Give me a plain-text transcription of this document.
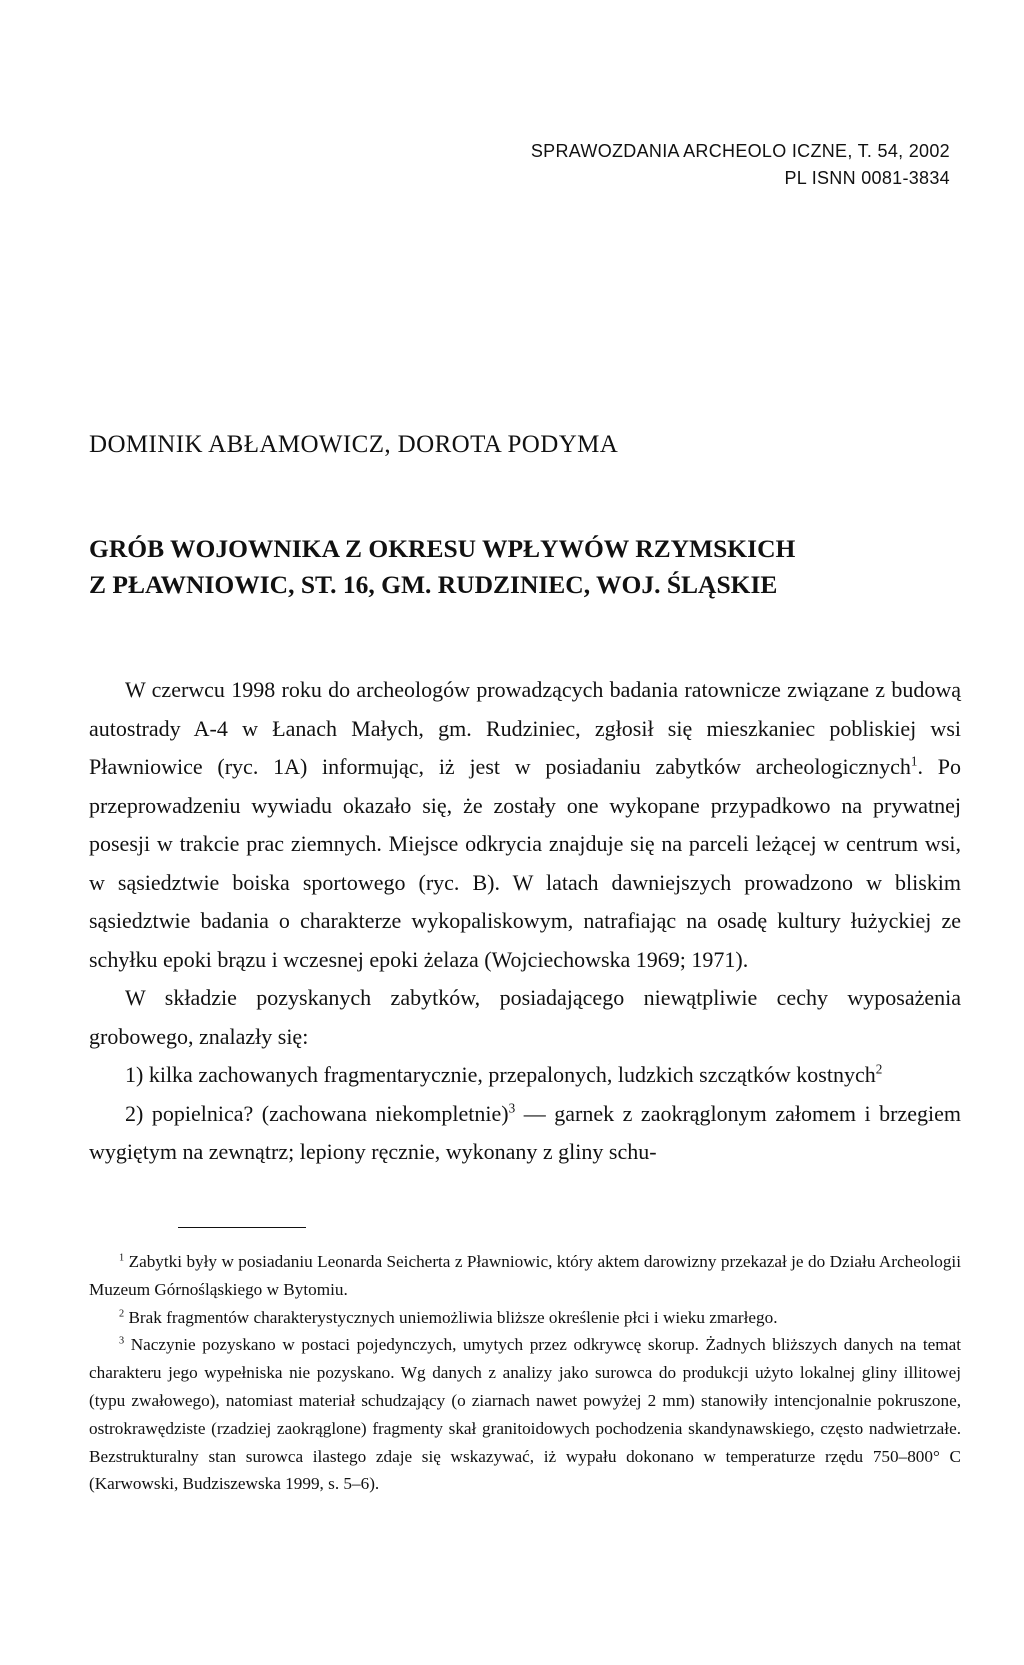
SPRAWOZDANIA ARCHEOLO ICZNE, T. 54, 2002
PL ISNN 0081-3834
DOMINIK ABŁAMOWICZ, DOROTA PODYMA
GRÓB WOJOWNIKA Z OKRESU WPŁYWÓW RZYMSKICH
Z PŁAWNIOWIC, ST. 16, GM. RUDZINIEC, WOJ. ŚLĄSKIE

W czerwcu 1998 roku do archeologów prowadzących badania ratownicze związane z budową autostrady A-4 w Łanach Małych, gm. Rudziniec, zgłosił się mieszkaniec pobliskiej wsi Pławniowice (ryc. 1A) informując, iż jest w posiadaniu zabytków archeologicznych$^1$. Po przeprowadzeniu wywiadu okazało się, że zostały one wykopane przypadkowo na prywatnej posesji w trakcie prac ziemnych. Miejsce odkrycia znajduje się na parceli leżącej w centrum wsi, w sąsiedztwie boiska sportowego (ryc. B). W latach dawniejszych prowadzono w bliskim sąsiedztwie badania o charakterze wykopaliskowym, natrafiając na osadę kultury łużyckiej ze schyłku epoki brązu i wczesnej epoki żelaza (Wojciechowska 1969; 1971).

W składzie pozyskanych zabytków, posiadającego niewątpliwie cechy wyposażenia grobowego, znalazły się:

1) kilka zachowanych fragmentarycznie, przepalonych, ludzkich szczątków kostnych$^2$

2) popielnica? (zachowana niekompletnie)$^3$ — garnek z zaokrąglonym załomem i brzegiem wygiętym na zewnątrz; lepiony ręcznie, wykonany z gliny schu-

$^1$ Zabytki były w posiadaniu Leonarda Seicherta z Pławniowic, który aktem darowizny przekazał je do Działu Archeologii Muzeum Górnośląskiego w Bytomiu.

$^2$ Brak fragmentów charakterystycznych uniemożliwia bliższe określenie płci i wieku zmarłego.

$^3$ Naczynie pozyskano w postaci pojedynczych, umytych przez odkrywcę skorup. Żadnych bliższych danych na temat charakteru jego wypełniska nie pozyskano. Wg danych z analizy jako surowca do produkcji użyto lokalnej gliny illitowej (typu zwałowego), natomiast materiał schudzający (o ziarnach nawet powyżej 2 mm) stanowiły intencjonalnie pokruszone, ostrokrawędziste (rzadziej zaokrąglone) fragmenty skał granitoidowych pochodzenia skandynawskiego, często nadwietrzałe. Bezstrukturalny stan surowca ilastego zdaje się wskazywać, iż wypału dokonano w temperaturze rzędu 750–800° C (Karwowski, Budziszewska 1999, s. 5–6).
